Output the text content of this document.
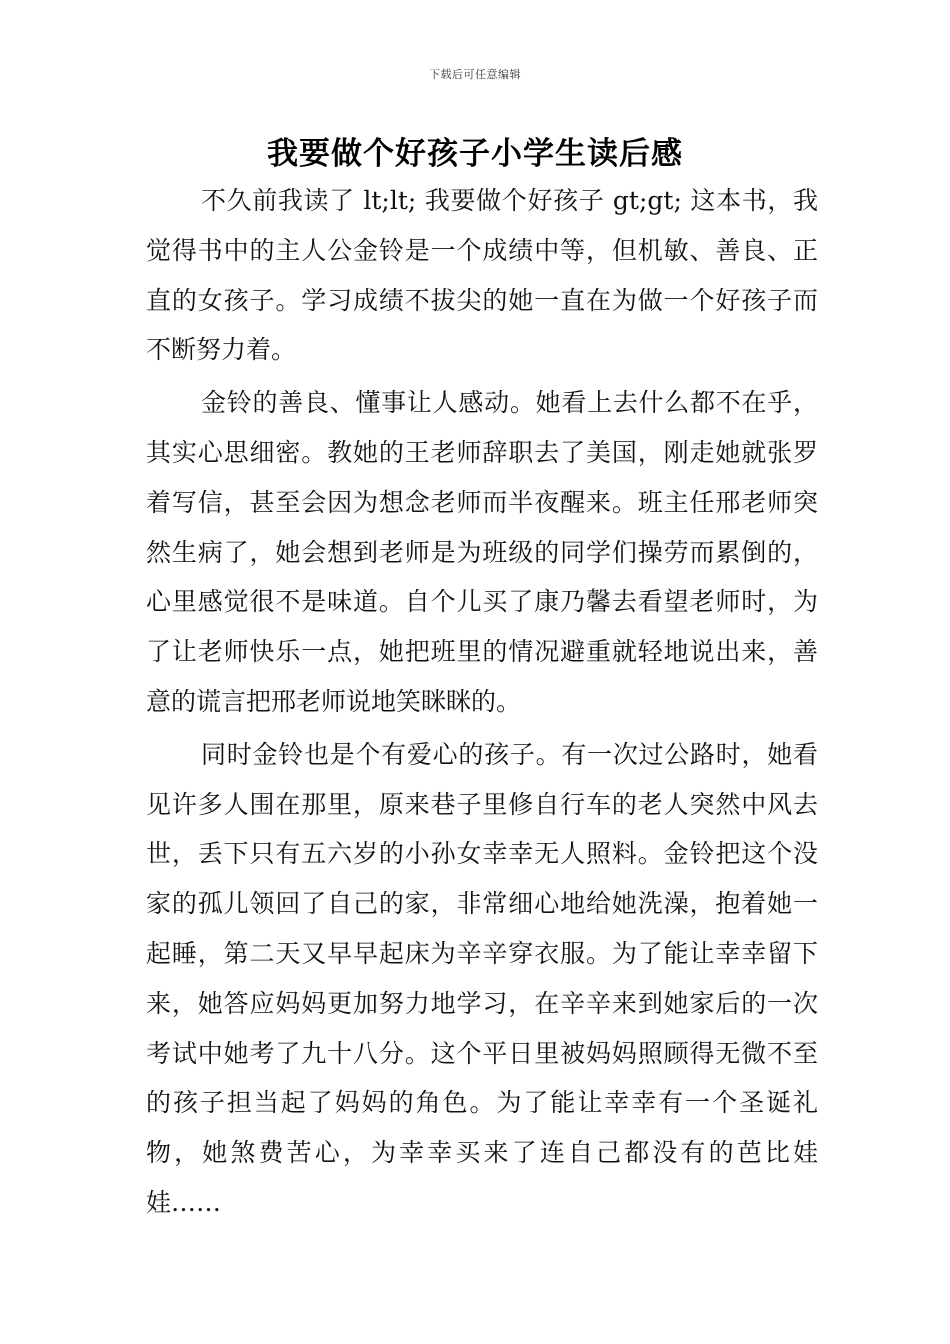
下载后可任意编辑
我要做个好孩子小学生读后感

不久前我读了 lt;lt; 我要做个好孩子 gt;gt; 这本书，我觉得书中的主人公金铃是一个成绩中等，但机敏、善良、正直的女孩子。学习成绩不拔尖的她一直在为做一个好孩子而不断努力着。

金铃的善良、懂事让人感动。她看上去什么都不在乎，其实心思细密。教她的王老师辞职去了美国，刚走她就张罗着写信，甚至会因为想念老师而半夜醒来。班主任邢老师突然生病了，她会想到老师是为班级的同学们操劳而累倒的，心里感觉很不是味道。自个儿买了康乃馨去看望老师时，为了让老师快乐一点，她把班里的情况避重就轻地说出来，善意的谎言把邢老师说地笑眯眯的。

同时金铃也是个有爱心的孩子。有一次过公路时，她看见许多人围在那里，原来巷子里修自行车的老人突然中风去世，丢下只有五六岁的小孙女幸幸无人照料。金铃把这个没家的孤儿领回了自己的家，非常细心地给她洗澡，抱着她一起睡，第二天又早早起床为辛辛穿衣服。为了能让幸幸留下来，她答应妈妈更加努力地学习，在辛辛来到她家后的一次考试中她考了九十八分。这个平日里被妈妈照顾得无微不至的孩子担当起了妈妈的角色。为了能让幸幸有一个圣诞礼物，她煞费苦心，为幸幸买来了连自己都没有的芭比娃娃……
